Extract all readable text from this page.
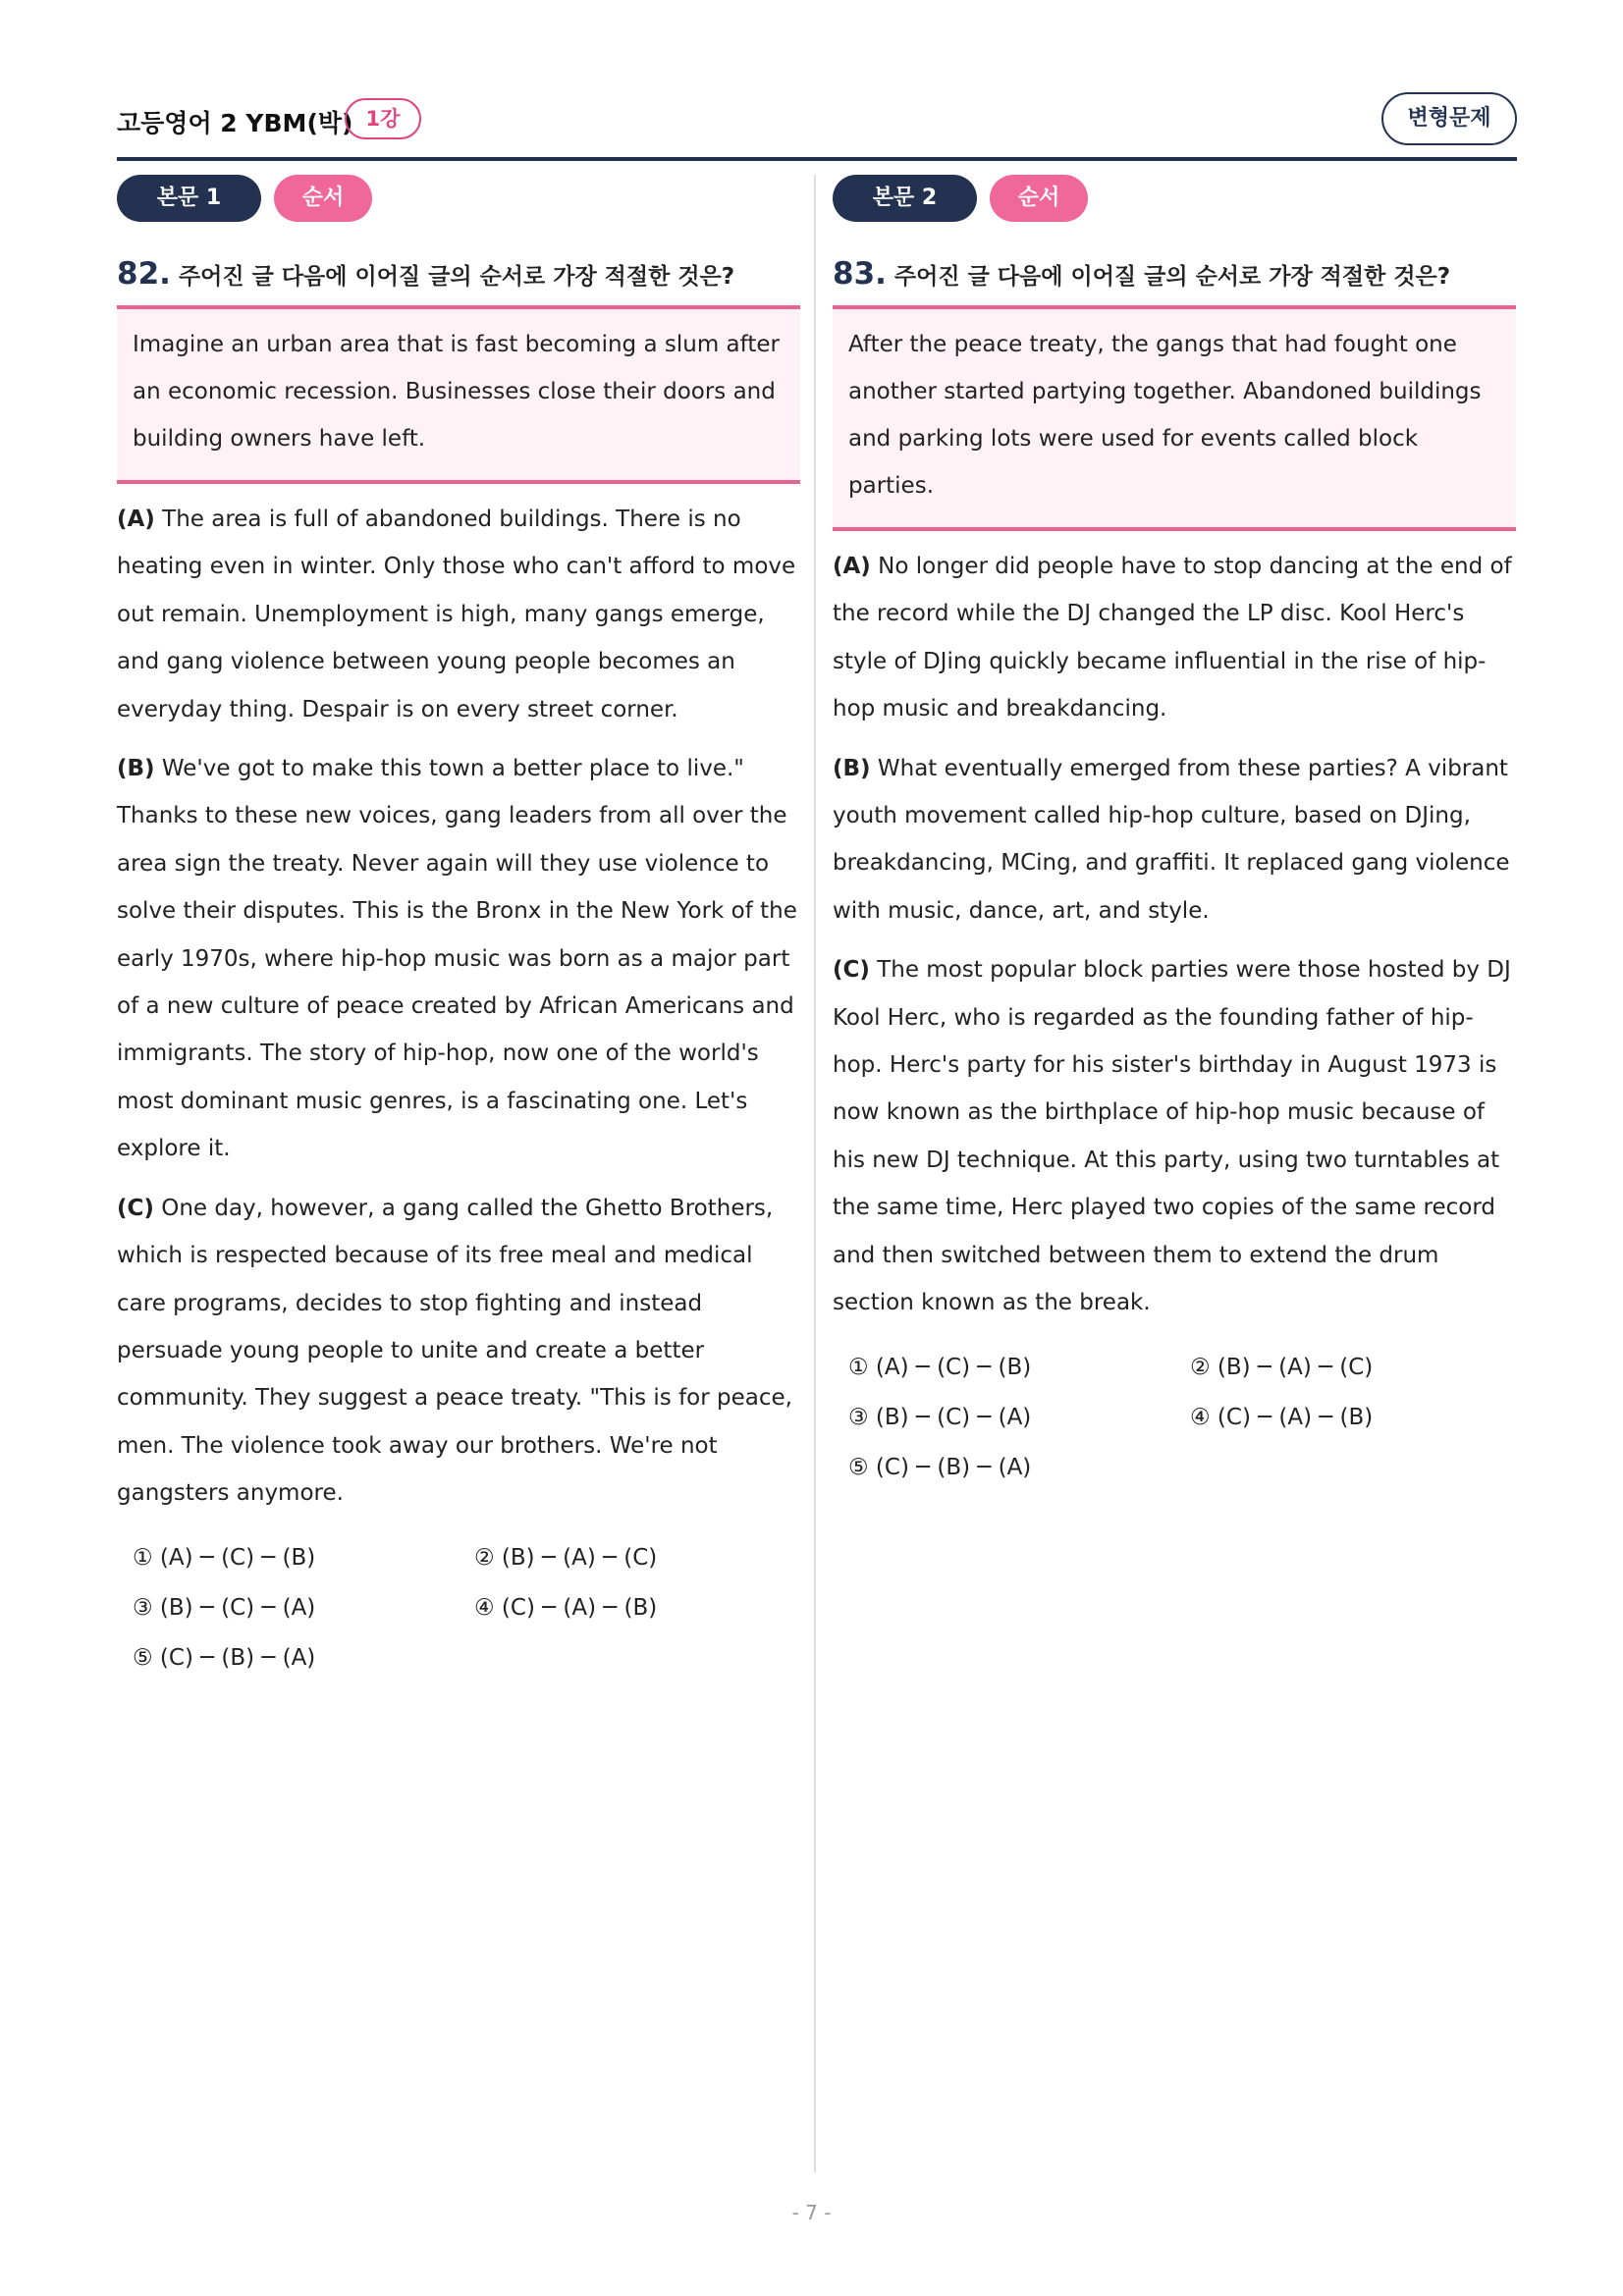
고등영어 2 YBM(박) 1강	변형문제
본문 1	순서
82. 주어진 글 다음에 이어질 글의 순서로 가장 적절한 것은?
Imagine an urban area that is fast becoming a slum after an economic recession. Businesses close their doors and building owners have left.
(A) The area is full of abandoned buildings. There is no heating even in winter. Only those who can't afford to move out remain. Unemployment is high, many gangs emerge, and gang violence between young people becomes an everyday thing. Despair is on every street corner.
(B) We've got to make this town a better place to live." Thanks to these new voices, gang leaders from all over the area sign the treaty. Never again will they use violence to solve their disputes. This is the Bronx in the New York of the early 1970s, where hip-hop music was born as a major part of a new culture of peace created by African Americans and immigrants. The story of hip-hop, now one of the world's most dominant music genres, is a fascinating one. Let's explore it.
(C) One day, however, a gang called the Ghetto Brothers, which is respected because of its free meal and medical care programs, decides to stop fighting and instead persuade young people to unite and create a better community. They suggest a peace treaty. "This is for peace, men. The violence took away our brothers. We're not gangsters anymore.
① (A) ─ (C) ─ (B)	② (B) ─ (A) ─ (C)
③ (B) ─ (C) ─ (A)	④ (C) ─ (A) ─ (B)
⑤ (C) ─ (B) ─ (A)
본문 2	순서
83. 주어진 글 다음에 이어질 글의 순서로 가장 적절한 것은?
After the peace treaty, the gangs that had fought one another started partying together. Abandoned buildings and parking lots were used for events called block parties.
(A) No longer did people have to stop dancing at the end of the record while the DJ changed the LP disc. Kool Herc's style of DJing quickly became influential in the rise of hip-hop music and breakdancing.
(B) What eventually emerged from these parties? A vibrant youth movement called hip-hop culture, based on DJing, breakdancing, MCing, and graffiti. It replaced gang violence with music, dance, art, and style.
(C) The most popular block parties were those hosted by DJ Kool Herc, who is regarded as the founding father of hip-hop. Herc's party for his sister's birthday in August 1973 is now known as the birthplace of hip-hop music because of his new DJ technique. At this party, using two turntables at the same time, Herc played two copies of the same record and then switched between them to extend the drum section known as the break.
① (A) ─ (C) ─ (B)	② (B) ─ (A) ─ (C)
③ (B) ─ (C) ─ (A)	④ (C) ─ (A) ─ (B)
⑤ (C) ─ (B) ─ (A)
- 7 -
